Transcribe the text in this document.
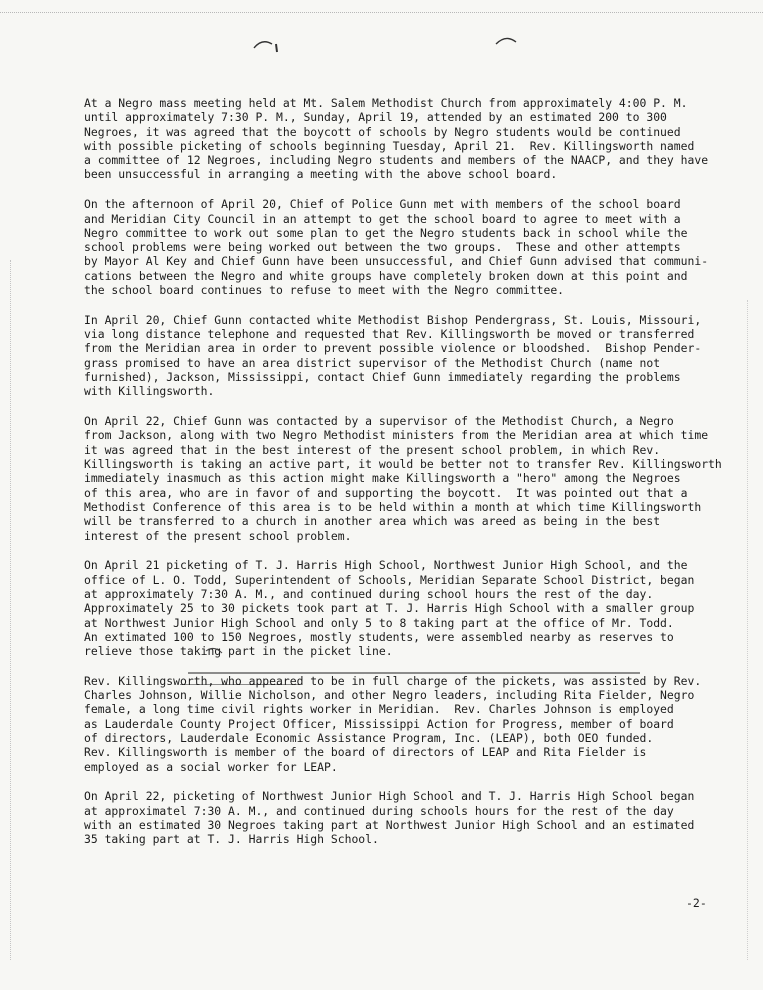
At a Negro mass meeting held at Mt. Salem Methodist Church from approximately 4:00 P. M.
until approximately 7:30 P. M., Sunday, April 19, attended by an estimated 200 to 300
Negroes, it was agreed that the boycott of schools by Negro students would be continued
with possible picketing of schools beginning Tuesday, April 21.  Rev. Killingsworth named
a committee of 12 Negroes, including Negro students and members of the NAACP, and they have
been unsuccessful in arranging a meeting with the above school board.

On the afternoon of April 20, Chief of Police Gunn met with members of the school board
and Meridian City Council in an attempt to get the school board to agree to meet with a
Negro committee to work out some plan to get the Negro students back in school while the
school problems were being worked out between the two groups.  These and other attempts
by Mayor Al Key and Chief Gunn have been unsuccessful, and Chief Gunn advised that communi-
cations between the Negro and white groups have completely broken down at this point and
the school board continues to refuse to meet with the Negro committee.

In April 20, Chief Gunn contacted white Methodist Bishop Pendergrass, St. Louis, Missouri,
via long distance telephone and requested that Rev. Killingsworth be moved or transferred
from the Meridian area in order to prevent possible violence or bloodshed.  Bishop Pender-
grass promised to have an area district supervisor of the Methodist Church (name not
furnished), Jackson, Mississippi, contact Chief Gunn immediately regarding the problems
with Killingsworth.

On April 22, Chief Gunn was contacted by a supervisor of the Methodist Church, a Negro
from Jackson, along with two Negro Methodist ministers from the Meridian area at which time
it was agreed that in the best interest of the present school problem, in which Rev.
Killingsworth is taking an active part, it would be better not to transfer Rev. Killingsworth
immediately inasmuch as this action might make Killingsworth a "hero" among the Negroes
of this area, who are in favor of and supporting the boycott.  It was pointed out that a
Methodist Conference of this area is to be held within a month at which time Killingsworth
will be transferred to a church in another area which was areed as being in the best
interest of the present school problem.

On April 21 picketing of T. J. Harris High School, Northwest Junior High School, and the
office of L. O. Todd, Superintendent of Schools, Meridian Separate School District, began
at approximately 7:30 A. M., and continued during school hours the rest of the day.
Approximately 25 to 30 pickets took part at T. J. Harris High School with a smaller group
at Northwest Junior High School and only 5 to 8 taking part at the office of Mr. Todd.
An extimated 100 to 150 Negroes, mostly students, were assembled nearby as reserves to
relieve those taking part in the picket line.

Rev. Killingsworth, who appeared to be in full charge of the pickets, was assisted by Rev.
Charles Johnson, Willie Nicholson, and other Negro leaders, including Rita Fielder, Negro
female, a long time civil rights worker in Meridian.  Rev. Charles Johnson is employed
as Lauderdale County Project Officer, Mississippi Action for Progress, member of board
of directors, Lauderdale Economic Assistance Program, Inc. (LEAP), both OEO funded.
Rev. Killingsworth is member of the board of directors of LEAP and Rita Fielder is
employed as a social worker for LEAP.

On April 22, picketing of Northwest Junior High School and T. J. Harris High School began
at approximatel 7:30 A. M., and continued during schools hours for the rest of the day
with an estimated 30 Negroes taking part at Northwest Junior High School and an estimated
35 taking part at T. J. Harris High School.

-2-
